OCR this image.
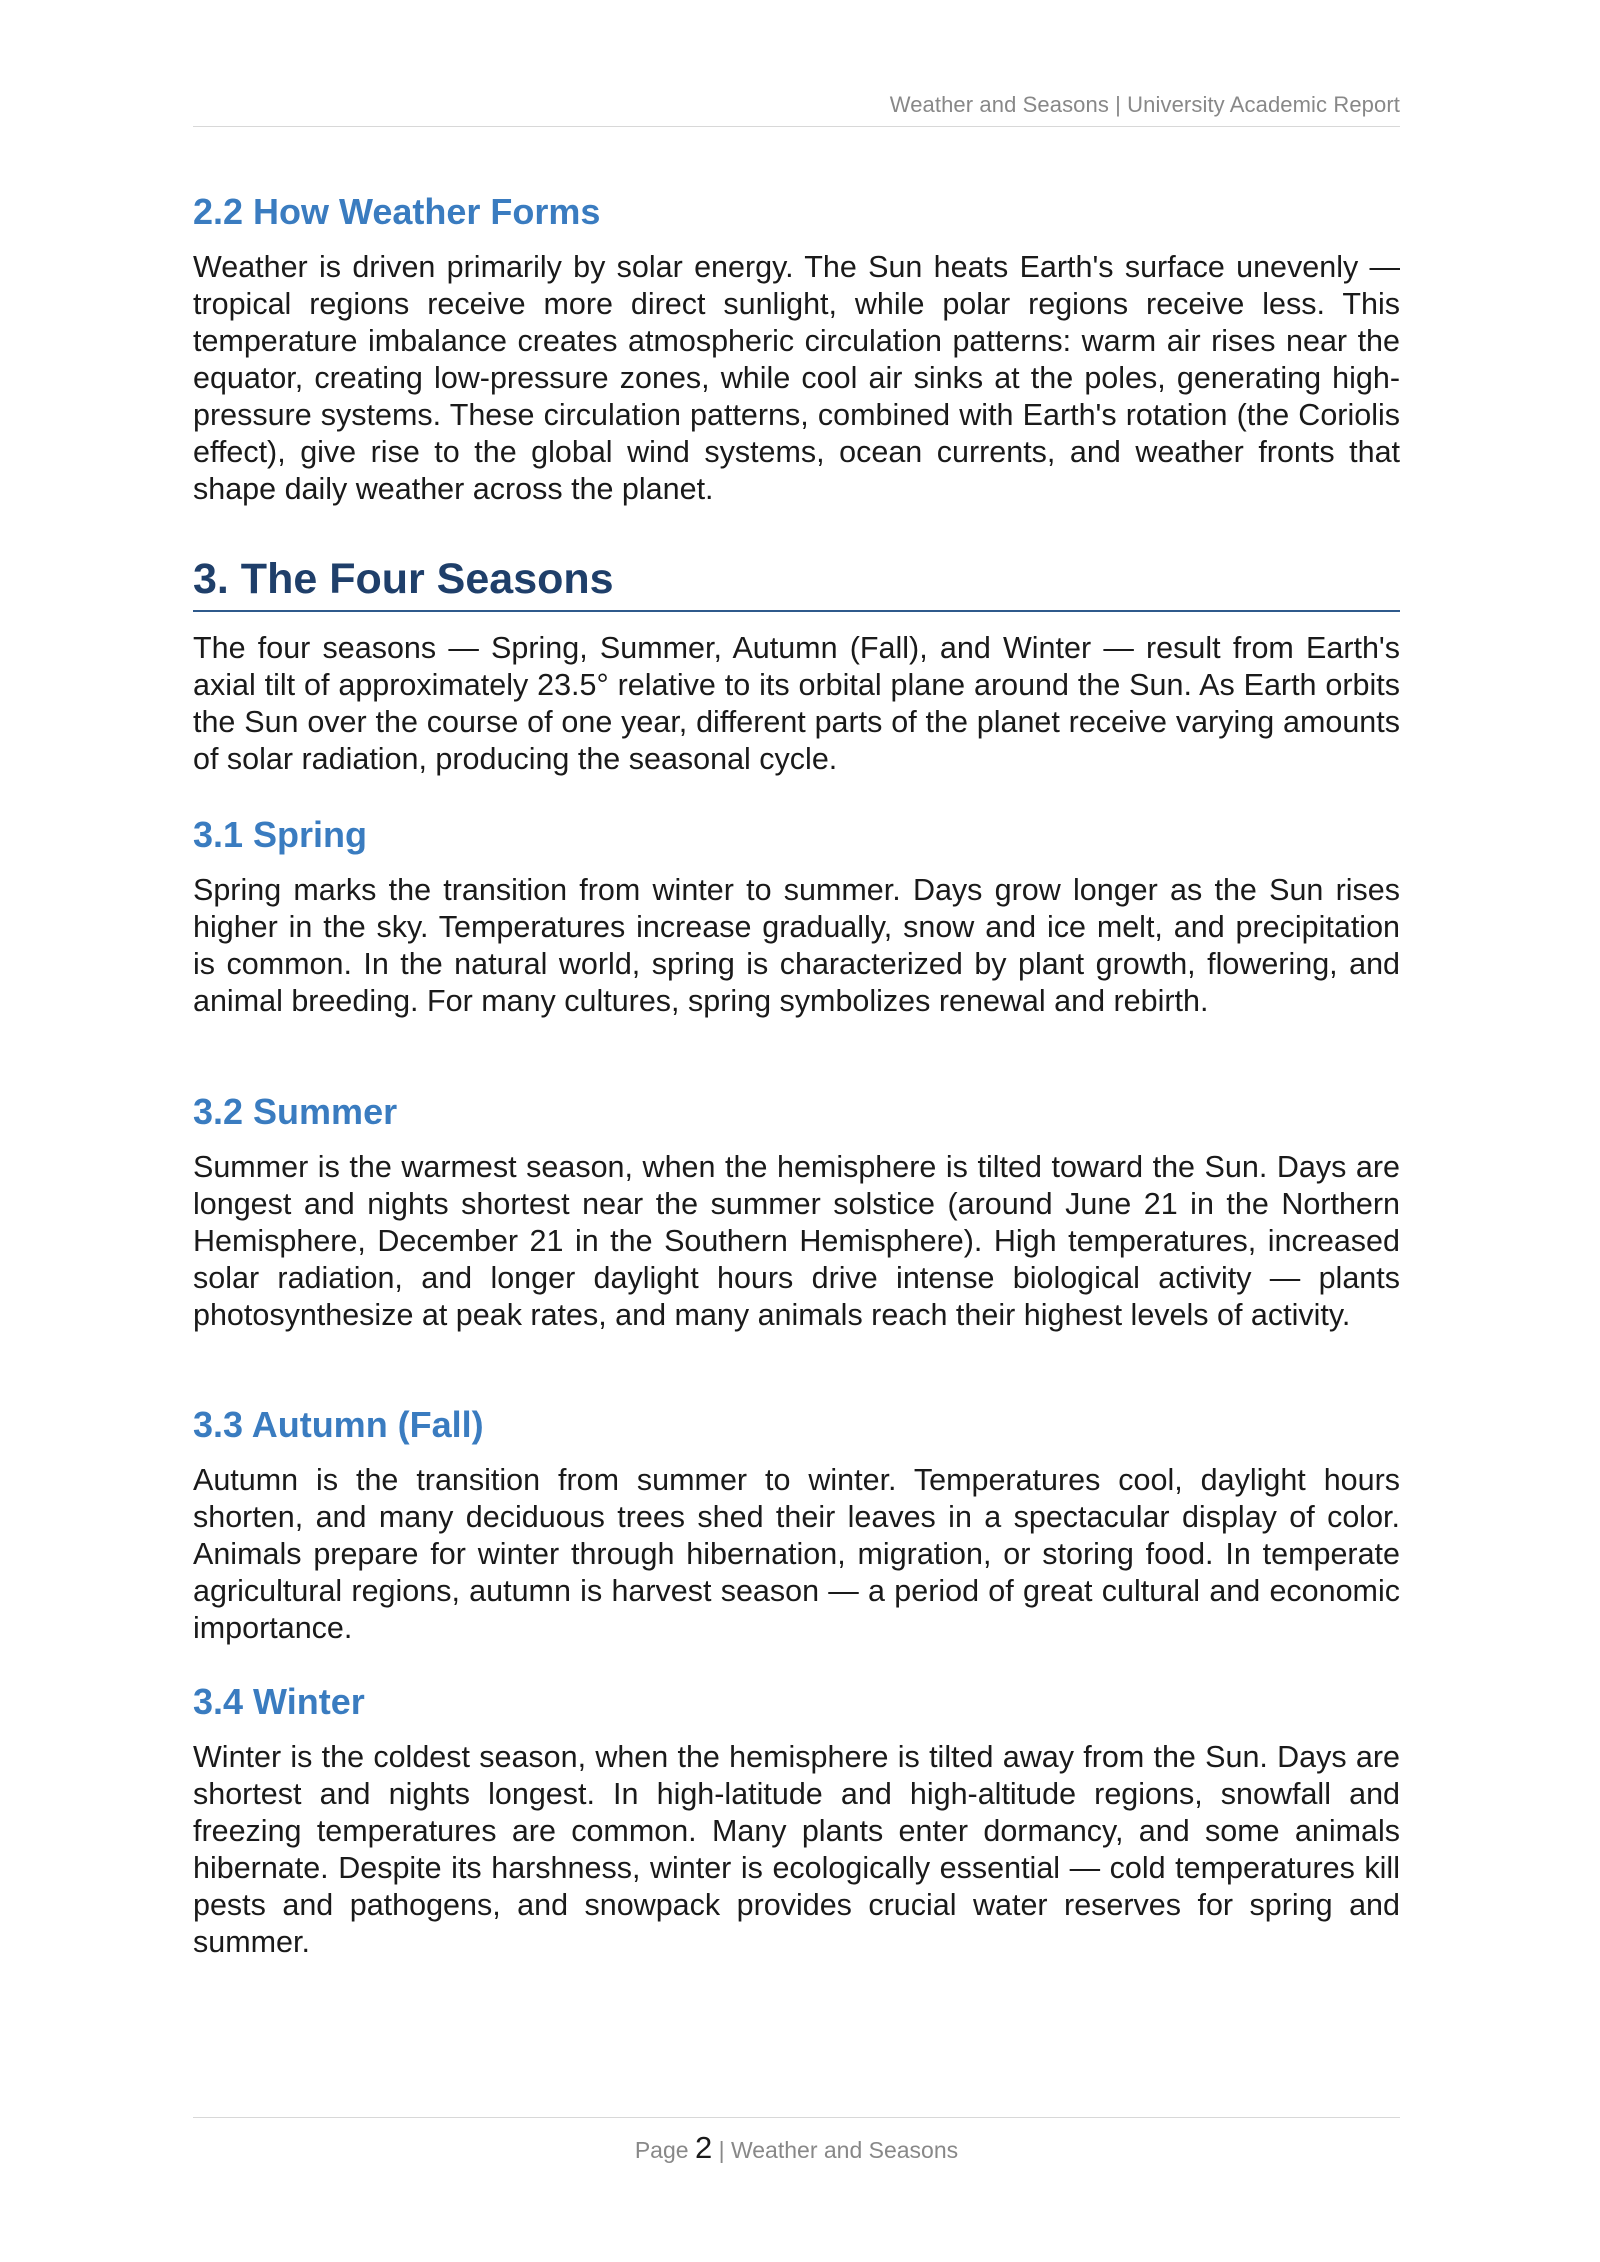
Weather and Seasons | University Academic Report
2.2 How Weather Forms

Weather is driven primarily by solar energy. The Sun heats Earth's surface unevenly — tropical regions receive more direct sunlight, while polar regions receive less. This temperature imbalance creates atmospheric circulation patterns: warm air rises near the equator, creating low-pressure zones, while cool air sinks at the poles, generating high-pressure systems. These circulation patterns, combined with Earth's rotation (the Coriolis effect), give rise to the global wind systems, ocean currents, and weather fronts that shape daily weather across the planet.

3. The Four Seasons

The four seasons — Spring, Summer, Autumn (Fall), and Winter — result from Earth's axial tilt of approximately 23.5° relative to its orbital plane around the Sun. As Earth orbits the Sun over the course of one year, different parts of the planet receive varying amounts of solar radiation, producing the seasonal cycle.

3.1 Spring

Spring marks the transition from winter to summer. Days grow longer as the Sun rises higher in the sky. Temperatures increase gradually, snow and ice melt, and precipitation is common. In the natural world, spring is characterized by plant growth, flowering, and animal breeding. For many cultures, spring symbolizes renewal and rebirth.

3.2 Summer

Summer is the warmest season, when the hemisphere is tilted toward the Sun. Days are longest and nights shortest near the summer solstice (around June 21 in the Northern Hemisphere, December 21 in the Southern Hemisphere). High temperatures, increased solar radiation, and longer daylight hours drive intense biological activity — plants photosynthesize at peak rates, and many animals reach their highest levels of activity.

3.3 Autumn (Fall)

Autumn is the transition from summer to winter. Temperatures cool, daylight hours shorten, and many deciduous trees shed their leaves in a spectacular display of color. Animals prepare for winter through hibernation, migration, or storing food. In temperate agricultural regions, autumn is harvest season — a period of great cultural and economic importance.

3.4 Winter

Winter is the coldest season, when the hemisphere is tilted away from the Sun. Days are shortest and nights longest. In high-latitude and high-altitude regions, snowfall and freezing temperatures are common. Many plants enter dormancy, and some animals hibernate. Despite its harshness, winter is ecologically essential — cold temperatures kill pests and pathogens, and snowpack provides crucial water reserves for spring and summer.

Page 2 | Weather and Seasons
